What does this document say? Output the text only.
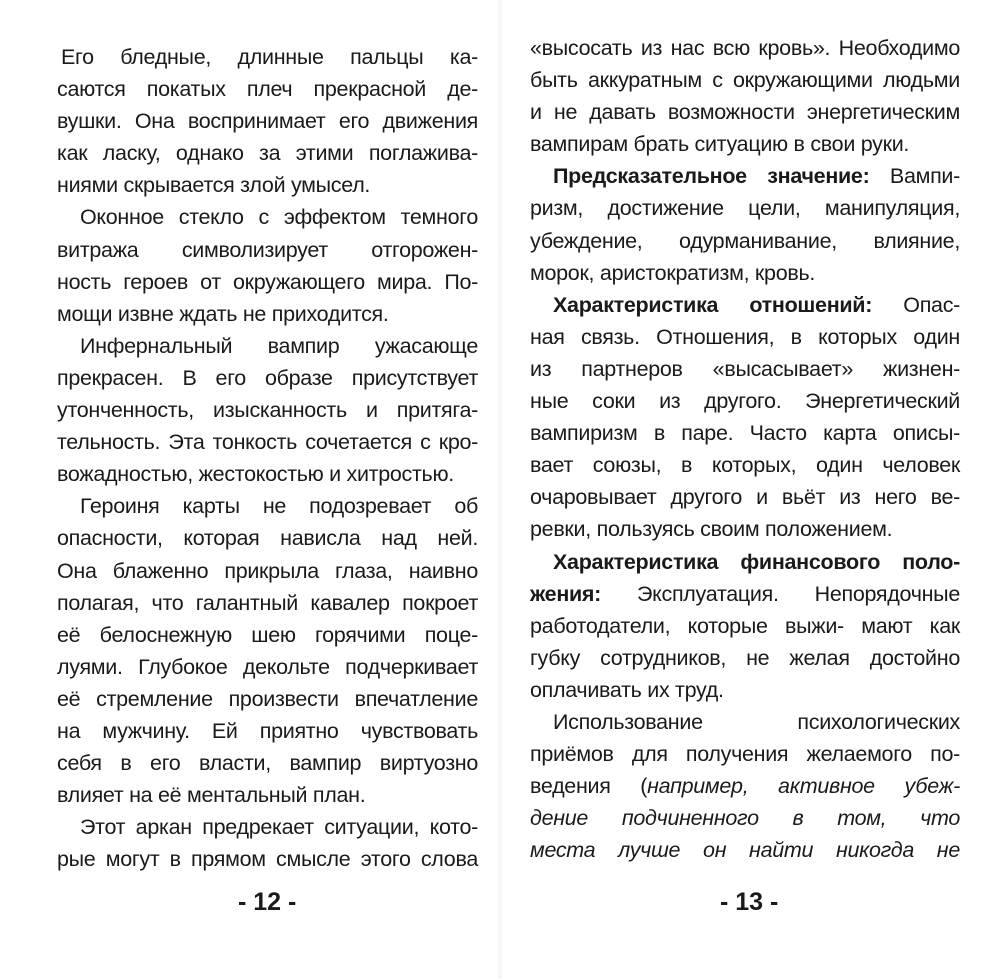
Его бледные, длинные пальцы ка-
саются покатых плеч прекрасной де-
вушки. Она воспринимает его движения
как ласку, однако за этими поглажива-
ниями скрывается злой умысел.
Оконное стекло с эффектом темного
витража символизирует отгорожен-
ность героев от окружающего мира. По-
мощи извне ждать не приходится.
Инфернальный вампир ужасающе
прекрасен. В его образе присутствует
утонченность, изысканность и притяга-
тельность. Эта тонкость сочетается с кро-
вожадностью, жестокостью и хитростью.
Героиня карты не подозревает об
опасности, которая нависла над ней.
Она блаженно прикрыла глаза, наивно
полагая, что галантный кавалер покроет
её белоснежную шею горячими поце-
луями. Глубокое декольте подчеркивает
её стремление произвести впечатление
на мужчину. Ей приятно чувствовать
себя в его власти, вампир виртуозно
влияет на её ментальный план.
Этот аркан предрекает ситуации, кото-
рые могут в прямом смысле этого слова
«высосать из нас всю кровь». Необходимо
быть аккуратным с окружающими людьми
и не давать возможности энергетическим
вампирам брать ситуацию в свои руки.
Предсказательное значение: Вампи-
ризм, достижение цели, манипуляция,
убеждение, одурманивание, влияние,
морок, аристократизм, кровь.
Характеристика отношений: Опас-
ная связь. Отношения, в которых один
из партнеров «высасывает» жизнен-
ные соки из другого. Энергетический
вампиризм в паре. Часто карта описы-
вает союзы, в которых, один человек
очаровывает другого и вьёт из него ве-
ревки, пользуясь своим положением.
Характеристика финансового поло-
жения: Эксплуатация. Непорядочные
работодатели, которые выжи- мают как
губку сотрудников, не желая достойно
оплачивать их труд.
Использование психологических
приёмов для получения желаемого по-
ведения (например, активное убеж-
дение подчиненного в том, что
места лучше он найти никогда не
- 12 -	- 13 -
